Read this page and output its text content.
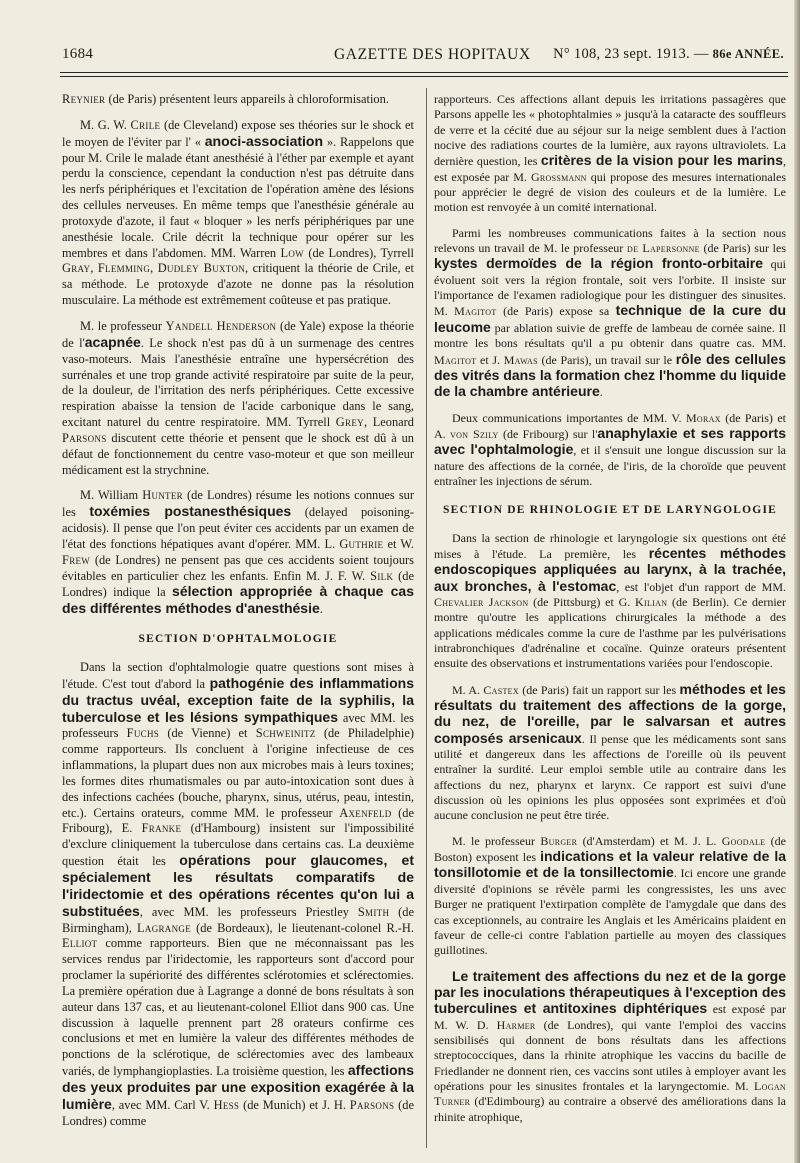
1684	GAZETTE DES HOPITAUX N° 108, 23 sept. 1913. — 86e ANNÉE.

Reynier (de Paris) présentent leurs appareils à chloroformisation.

M. G. W. Crile (de Cleveland) expose ses théories sur le shock et le moyen de l'éviter par l' « anoci-association ». Rappelons que pour M. Crile le malade étant anesthésié à l'éther par exemple et ayant perdu la conscience, cependant la conduction n'est pas détruite dans les nerfs périphériques et l'excitation de l'opération amène des lésions des cellules nerveuses. En même temps que l'anesthésie générale au protoxyde d'azote, il faut « bloquer » les nerfs périphériques par une anesthésie locale. Crile décrit la technique pour opérer sur les membres et dans l'abdomen. MM. Warren Low (de Londres), Tyrrell Gray, Flemming, Dudley Buxton, critiquent la théorie de Crile, et sa méthode. Le protoxyde d'azote ne donne pas la résolution musculaire. La méthode est extrêmement coûteuse et pas pratique.

M. le professeur Yandell Henderson (de Yale) expose la théorie de l'acapnée. Le shock n'est pas dû à un surmenage des centres vaso-moteurs. Mais l'anesthésie entraîne une hypersécrétion des surrénales et une trop grande activité respiratoire par suite de la peur, de la douleur, de l'irritation des nerfs périphériques. Cette excessive respiration abaisse la tension de l'acide carbonique dans le sang, excitant naturel du centre respiratoire. MM. Tyrrell Grey, Leonard Parsons discutent cette théorie et pensent que le shock est dû à un défaut de fonctionnement du centre vaso-moteur et que son meilleur médicament est la strychnine.

M. William Hunter (de Londres) résume les notions connues sur les toxémies postanesthésiques (delayed poisoning-acidosis). Il pense que l'on peut éviter ces accidents par un examen de l'état des fonctions hépatiques avant d'opérer. MM. L. Guthrie et W. Frew (de Londres) ne pensent pas que ces accidents soient toujours évitables en particulier chez les enfants. Enfin M. J. F. W. Silk (de Londres) indique la sélection appropriée à chaque cas des différentes méthodes d'anesthésie.

SECTION D'OPHTALMOLOGIE

Dans la section d'ophtalmologie quatre questions sont mises à l'étude. C'est tout d'abord la pathogénie des inflammations du tractus uvéal, exception faite de la syphilis, la tuberculose et les lésions sympathiques avec MM. les professeurs Fuchs (de Vienne) et Schweinitz (de Philadelphie) comme rapporteurs. Ils concluent à l'origine infectieuse de ces inflammations, la plupart dues non aux microbes mais à leurs toxines; les formes dites rhumatismales ou par auto-intoxication sont dues à des infections cachées (bouche, pharynx, sinus, utérus, peau, intestin, etc.). Certains orateurs, comme MM. le professeur Axenfeld (de Fribourg), E. Franke (d'Hambourg) insistent sur l'impossibilité d'exclure cliniquement la tuberculose dans certains cas. La deuxième question était les opérations pour glaucomes, et spécialement les résultats comparatifs de l'iridectomie et des opérations récentes qu'on lui a substituées, avec MM. les professeurs Priestley Smith (de Birmingham), Lagrange (de Bordeaux), le lieutenant-colonel R.-H. Elliot comme rapporteurs. Bien que ne méconnaissant pas les services rendus par l'iridectomie, les rapporteurs sont d'accord pour proclamer la supériorité des différentes sclérotomies et sclérectomies. La première opération due à Lagrange a donné de bons résultats à son auteur dans 137 cas, et au lieutenant-colonel Elliot dans 900 cas. Une discussion à laquelle prennent part 28 orateurs confirme ces conclusions et met en lumière la valeur des différentes méthodes de ponctions de la sclérotique, de sclérectomies avec des lambeaux variés, de lymphangioplasties. La troisième question, les affections des yeux produites par une exposition exagérée à la lumière, avec MM. Carl V. Hess (de Munich) et J. H. Parsons (de Londres) comme

rapporteurs. Ces affections allant depuis les irritations passagères que Parsons appelle les « photophtalmies » jusqu'à la cataracte des souffleurs de verre et la cécité due au séjour sur la neige semblent dues à l'action nocive des radiations courtes de la lumière, aux rayons ultraviolets. La dernière question, les critères de la vision pour les marins, est exposée par M. Grossmann qui propose des mesures internationales pour apprécier le degré de vision des couleurs et de la lumière. Le motion est renvoyée à un comité international.

Parmi les nombreuses communications faites à la section nous relevons un travail de M. le professeur de Lapersonne (de Paris) sur les kystes dermoïdes de la région fronto-orbitaire qui évoluent soit vers la région frontale, soit vers l'orbite. Il insiste sur l'importance de l'examen radiologique pour les distinguer des sinusites. M. Magitot (de Paris) expose sa technique de la cure du leucome par ablation suivie de greffe de lambeau de cornée saine. Il montre les bons résultats qu'il a pu obtenir dans quatre cas. MM. Magitot et J. Mawas (de Paris), un travail sur le rôle des cellules des vitrés dans la formation chez l'homme du liquide de la chambre antérieure.

Deux communications importantes de MM. V. Morax (de Paris) et A. von Szily (de Fribourg) sur l'anaphylaxie et ses rapports avec l'ophtalmologie, et il s'ensuit une longue discussion sur la nature des affections de la cornée, de l'iris, de la choroïde que peuvent entraîner les injections de sérum.

SECTION DE RHINOLOGIE ET DE LARYNGOLOGIE

Dans la section de rhinologie et laryngologie six questions ont été mises à l'étude. La première, les récentes méthodes endoscopiques appliquées au larynx, à la trachée, aux bronches, à l'estomac, est l'objet d'un rapport de MM. Chevalier Jackson (de Pittsburg) et G. Kilian (de Berlin). Ce dernier montre qu'outre les applications chirurgicales la méthode a des applications médicales comme la cure de l'asthme par les pulvérisations intrabronchiques d'adrénaline et cocaïne. Quinze orateurs présentent ensuite des observations et instrumentations variées pour l'endoscopie.

M. A. Castex (de Paris) fait un rapport sur les méthodes et les résultats du traitement des affections de la gorge, du nez, de l'oreille, par le salvarsan et autres composés arsenicaux. Il pense que les médicaments sont sans utilité et dangereux dans les affections de l'oreille où ils peuvent entraîner la surdité. Leur emploi semble utile au contraire dans les affections du nez, pharynx et larynx. Ce rapport est suivi d'une discussion où les opinions les plus opposées sont exprimées et d'où aucune conclusion ne peut être tirée.

M. le professeur Burger (d'Amsterdam) et M. J. L. Goodale (de Boston) exposent les indications et la valeur relative de la tonsillotomie et de la tonsillectomie. Ici encore une grande diversité d'opinions se révèle parmi les congressistes, les uns avec Burger ne pratiquent l'extirpation complète de l'amygdale que dans des cas exceptionnels, au contraire les Anglais et les Américains plaident en faveur de celle-ci contre l'ablation partielle au moyen des classiques guillotines.

Le traitement des affections du nez et de la gorge par les inoculations thérapeutiques à l'exception des tuberculines et antitoxines diphtériques est exposé par M. W. D. Harmer (de Londres), qui vante l'emploi des vaccins sensibilisés qui donnent de bons résultats dans les affections streptococciques, dans la rhinite atrophique les vaccins du bacille de Friedlander ne donnent rien, ces vaccins sont utiles à employer avant les opérations pour les sinusites frontales et la laryngectomie. M. Logan Turner (d'Edimbourg) au contraire a observé des améliorations dans la rhinite atrophique,
